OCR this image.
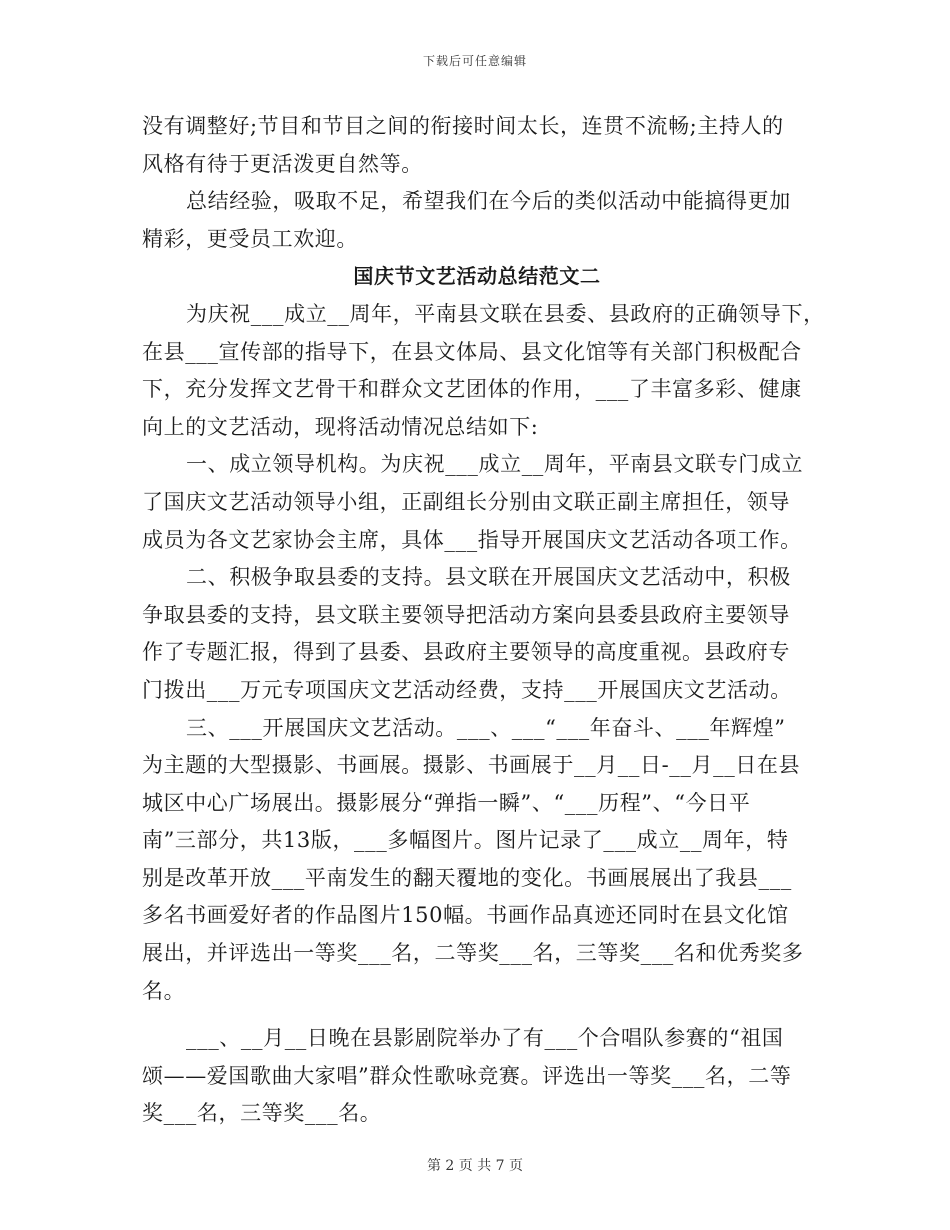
下载后可任意编辑
没有调整好;节目和节目之间的衔接时间太长，连贯不流畅;主持人的
风格有待于更活泼更自然等。
总结经验，吸取不足，希望我们在今后的类似活动中能搞得更加
精彩，更受员工欢迎。
国庆节文艺活动总结范文二
为庆祝___成立__周年，平南县文联在县委、县政府的正确领导下，
在县___宣传部的指导下，在县文体局、县文化馆等有关部门积极配合
下，充分发挥文艺骨干和群众文艺团体的作用，___了丰富多彩、健康
向上的文艺活动，现将活动情况总结如下:
一、成立领导机构。为庆祝___成立__周年，平南县文联专门成立
了国庆文艺活动领导小组，正副组长分别由文联正副主席担任，领导
成员为各文艺家协会主席，具体___指导开展国庆文艺活动各项工作。
二、积极争取县委的支持。县文联在开展国庆文艺活动中，积极
争取县委的支持，县文联主要领导把活动方案向县委县政府主要领导
作了专题汇报，得到了县委、县政府主要领导的高度重视。县政府专
门拨出___万元专项国庆文艺活动经费，支持___开展国庆文艺活动。
三、___开展国庆文艺活动。___、___“___年奋斗、___年辉煌”
为主题的大型摄影、书画展。摄影、书画展于__月__日-__月__日在县
城区中心广场展出。摄影展分“弹指一瞬”、“___历程”、“今日平
南”三部分，共13版，___多幅图片。图片记录了___成立__周年，特
别是改革开放___平南发生的翻天覆地的变化。书画展展出了我县___
多名书画爱好者的作品图片150幅。书画作品真迹还同时在县文化馆
展出，并评选出一等奖___名，二等奖___名，三等奖___名和优秀奖多
名。
___、__月__日晚在县影剧院举办了有___个合唱队参赛的“祖国
颂——爱国歌曲大家唱”群众性歌咏竞赛。评选出一等奖___名，二等
奖___名，三等奖___名。
第 2 页 共 7 页
